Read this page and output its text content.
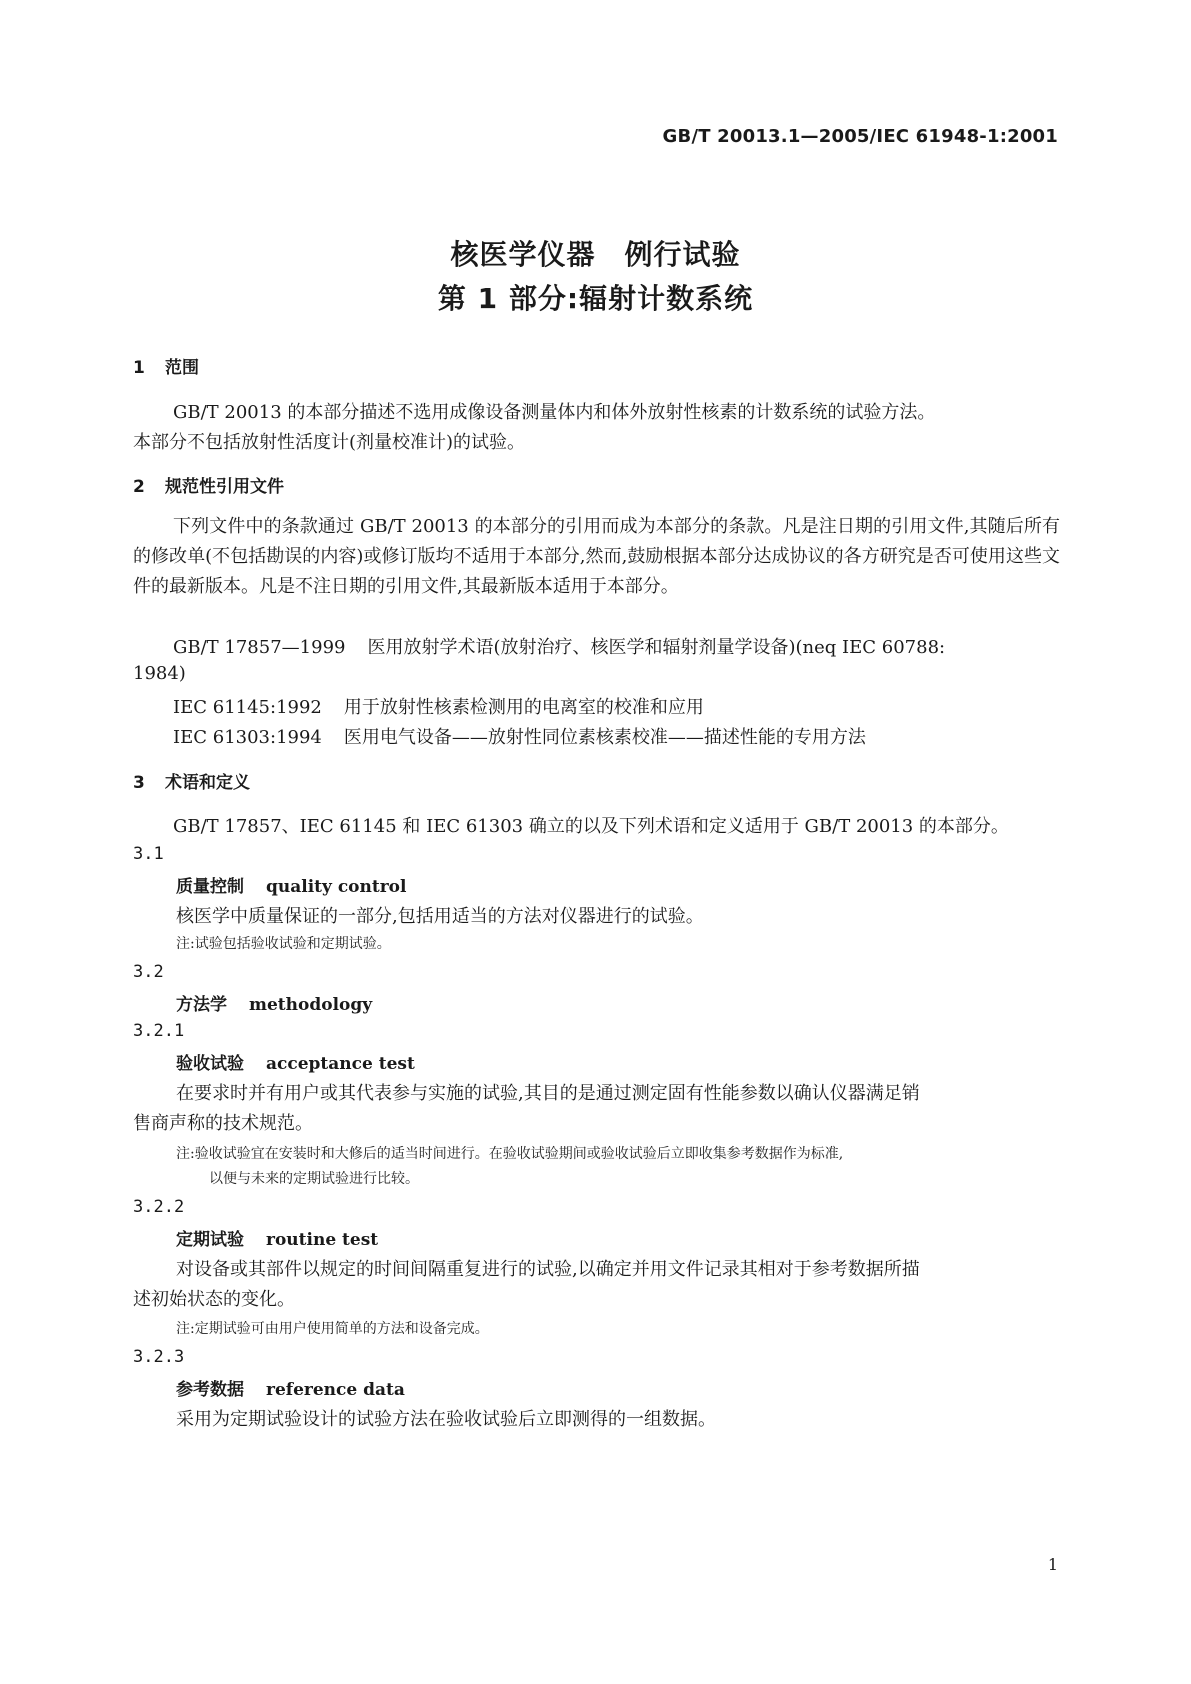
GB/T 20013.1—2005/IEC 61948-1:2001
核医学仪器　例行试验
第 1 部分:辐射计数系统
1 范围
GB/T 20013 的本部分描述不选用成像设备测量体内和体外放射性核素的计数系统的试验方法。
本部分不包括放射性活度计(剂量校准计)的试验。
2 规范性引用文件
下列文件中的条款通过 GB/T 20013 的本部分的引用而成为本部分的条款。凡是注日期的引用文件,其随后所有的修改单(不包括勘误的内容)或修订版均不适用于本部分,然而,鼓励根据本部分达成协议的各方研究是否可使用这些文件的最新版本。凡是不注日期的引用文件,其最新版本适用于本部分。
GB/T 17857—1999 医用放射学术语(放射治疗、核医学和辐射剂量学设备)(neq IEC 60788:
1984)
IEC 61145:1992 用于放射性核素检测用的电离室的校准和应用
IEC 61303:1994 医用电气设备——放射性同位素核素校准——描述性能的专用方法
3 术语和定义
GB/T 17857、IEC 61145 和 IEC 61303 确立的以及下列术语和定义适用于 GB/T 20013 的本部分。
3.1
质量控制 quality control
核医学中质量保证的一部分,包括用适当的方法对仪器进行的试验。
注:试验包括验收试验和定期试验。
3.2
方法学 methodology
3.2.1
验收试验 acceptance test
在要求时并有用户或其代表参与实施的试验,其目的是通过测定固有性能参数以确认仪器满足销
售商声称的技术规范。
注:验收试验宜在安装时和大修后的适当时间进行。在验收试验期间或验收试验后立即收集参考数据作为标准,
以便与未来的定期试验进行比较。
3.2.2
定期试验 routine test
对设备或其部件以规定的时间间隔重复进行的试验,以确定并用文件记录其相对于参考数据所描
述初始状态的变化。
注:定期试验可由用户使用简单的方法和设备完成。
3.2.3
参考数据 reference data
采用为定期试验设计的试验方法在验收试验后立即测得的一组数据。
1
